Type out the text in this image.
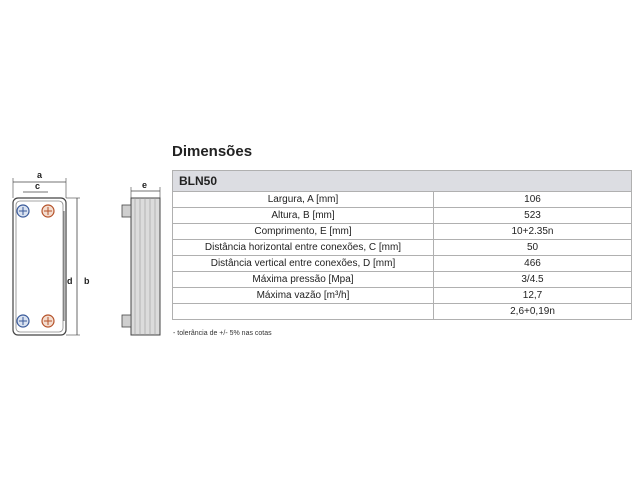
a
c
d b
e
Dimensões
BLN50	
Largura, A [mm]	106
Altura, B [mm]	523
Comprimento, E [mm]	10+2.35n
Distância horizontal entre conexões, C [mm]	50
Distância vertical entre conexões, D [mm]	466
Máxima pressão [Mpa]	3/4.5
Máxima vazão [m³/h]	12,7
	2,6+0,19n
- tolerância de +/- 5% nas cotas
